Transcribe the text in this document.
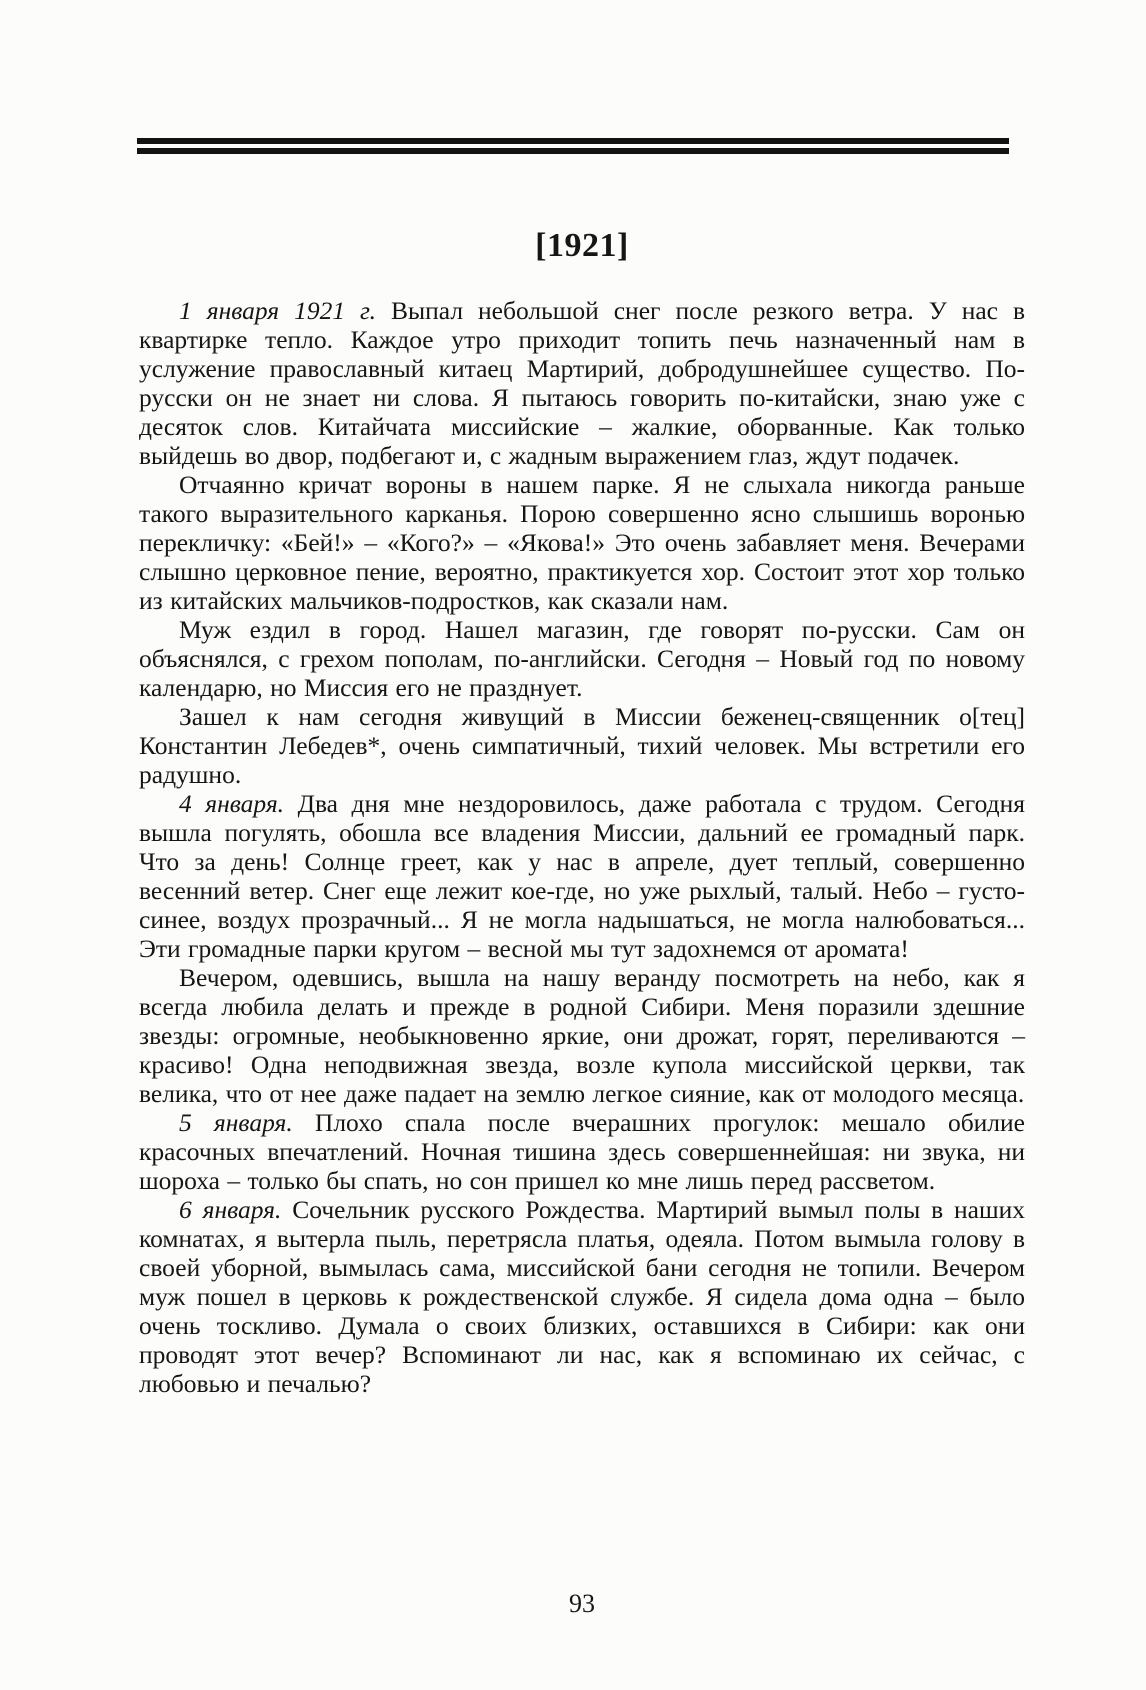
[1921]

1 января 1921 г. Выпал небольшой снег после резкого ветра. У нас в квартирке тепло. Каждое утро приходит топить печь назначенный нам в услужение православный китаец Мартирий, добродушнейшее существо. По-русски он не знает ни слова. Я пытаюсь говорить по-китайски, знаю уже с десяток слов. Китайчата миссийские – жалкие, оборванные. Как только выйдешь во двор, подбегают и, с жадным выражением глаз, ждут подачек.

Отчаянно кричат вороны в нашем парке. Я не слыхала никогда раньше такого выразительного карканья. Порою совершенно ясно слышишь воронью перекличку: «Бей!» – «Кого?» – «Якова!» Это очень забавляет меня. Вечерами слышно церковное пение, вероятно, практикуется хор. Состоит этот хор только из китайских мальчиков-подростков, как сказали нам.

Муж ездил в город. Нашел магазин, где говорят по-русски. Сам он объяснялся, с грехом пополам, по-английски. Сегодня – Новый год по новому календарю, но Миссия его не празднует.

Зашел к нам сегодня живущий в Миссии беженец-священник о[тец] Константин Лебедев*, очень симпатичный, тихий человек. Мы встретили его радушно.

4 января. Два дня мне нездоровилось, даже работала с трудом. Сегодня вышла погулять, обошла все владения Миссии, дальний ее громадный парк. Что за день! Солнце греет, как у нас в апреле, дует теплый, совершенно весенний ветер. Снег еще лежит кое-где, но уже рыхлый, талый. Небо – густо-синее, воздух прозрачный... Я не могла надышаться, не могла налюбоваться... Эти громадные парки кругом – весной мы тут задохнемся от аромата!

Вечером, одевшись, вышла на нашу веранду посмотреть на небо, как я всегда любила делать и прежде в родной Сибири. Меня поразили здешние звезды: огромные, необыкновенно яркие, они дрожат, горят, переливаются – красиво! Одна неподвижная звезда, возле купола миссийской церкви, так велика, что от нее даже падает на землю легкое сияние, как от молодого месяца.

5 января. Плохо спала после вчерашних прогулок: мешало обилие красочных впечатлений. Ночная тишина здесь совершеннейшая: ни звука, ни шороха – только бы спать, но сон пришел ко мне лишь перед рассветом.

6 января. Сочельник русского Рождества. Мартирий вымыл полы в наших комнатах, я вытерла пыль, перетрясла платья, одеяла. Потом вымыла голову в своей уборной, вымылась сама, миссийской бани сегодня не топили. Вечером муж пошел в церковь к рождественской службе. Я сидела дома одна – было очень тоскливо. Думала о своих близких, оставшихся в Сибири: как они проводят этот вечер? Вспоминают ли нас, как я вспоминаю их сейчас, с любовью и печалью?

93
